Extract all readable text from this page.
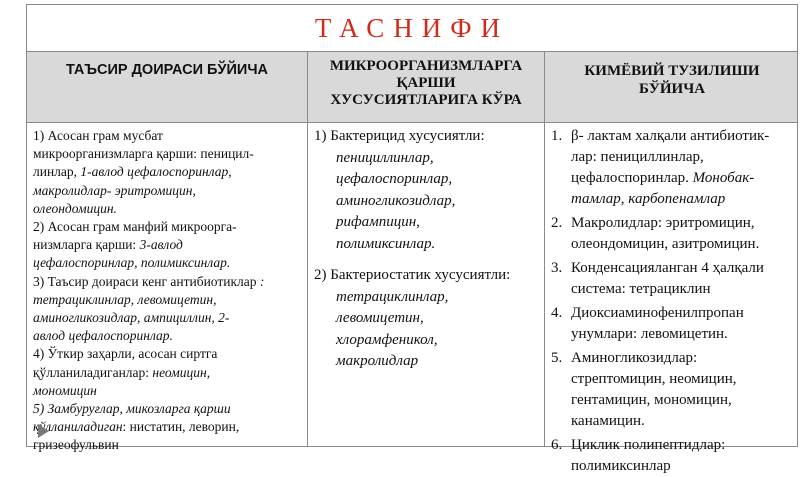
ТАСНИФИ
ТАЪСИР ДОИРАСИ БЎЙИЧА	МИКРООРГАНИЗМЛАРГА
ҚАРШИ
ХУСУСИЯТЛАРИГА КЎРА
КИМЁВИЙ ТУЗИЛИШИ
БЎЙИЧА

1) Асосан грам мусбат

микроорганизмларга қарши: пеницил-

линлар, 1-авлод цефалоспоринлар,

макролидлар- эритромицин,

олеондомицин.

2) Асосан грам манфий микроорга-

низмларга қарши: 3-авлод

цефалоспоринлар, полимиксинлар.

3) Таъсир доираси кенг антибиотиклар :

тетрациклинлар, левомицетин,

аминогликозидлар, ампициллин, 2-

авлод цефалоспоринлар.

4) Ўткир заҳарли, асосан сиртга

қўлланиладиганлар: неомицин,

мономицин

5) Замбуруғлар, микозларга қарши

қўлланиладиган: нистатин, леворин,

гризеофульвин

1) Бактерицид хусусиятли:

пенициллинлар,

цефалоспоринлар,

аминогликозидлар,

рифампицин,

полимиксинлар.

2) Бактериостатик хусусиятли:

тетрациклинлар,

левомицетин,

хлорамфеникол,

макролидлар

1. β- лактам халқали антибиотик-
лар: пенициллинлар,
цефалоспоринлар. Монобак-
тамлар, карбопенамлар
2. Макролидлар: эритромицин,
олеондомицин, азитромицин.
3. Конденсацияланган 4 ҳалқали
система: тетрациклин
4. Диоксиаминофенилпропан
унумлари: левомицетин.
5. Аминогликозидлар:
стрептомицин, неомицин,
гентамицин, мономицин,
канамицин.
6. Циклик полипептидлар:
полимиксинлар
